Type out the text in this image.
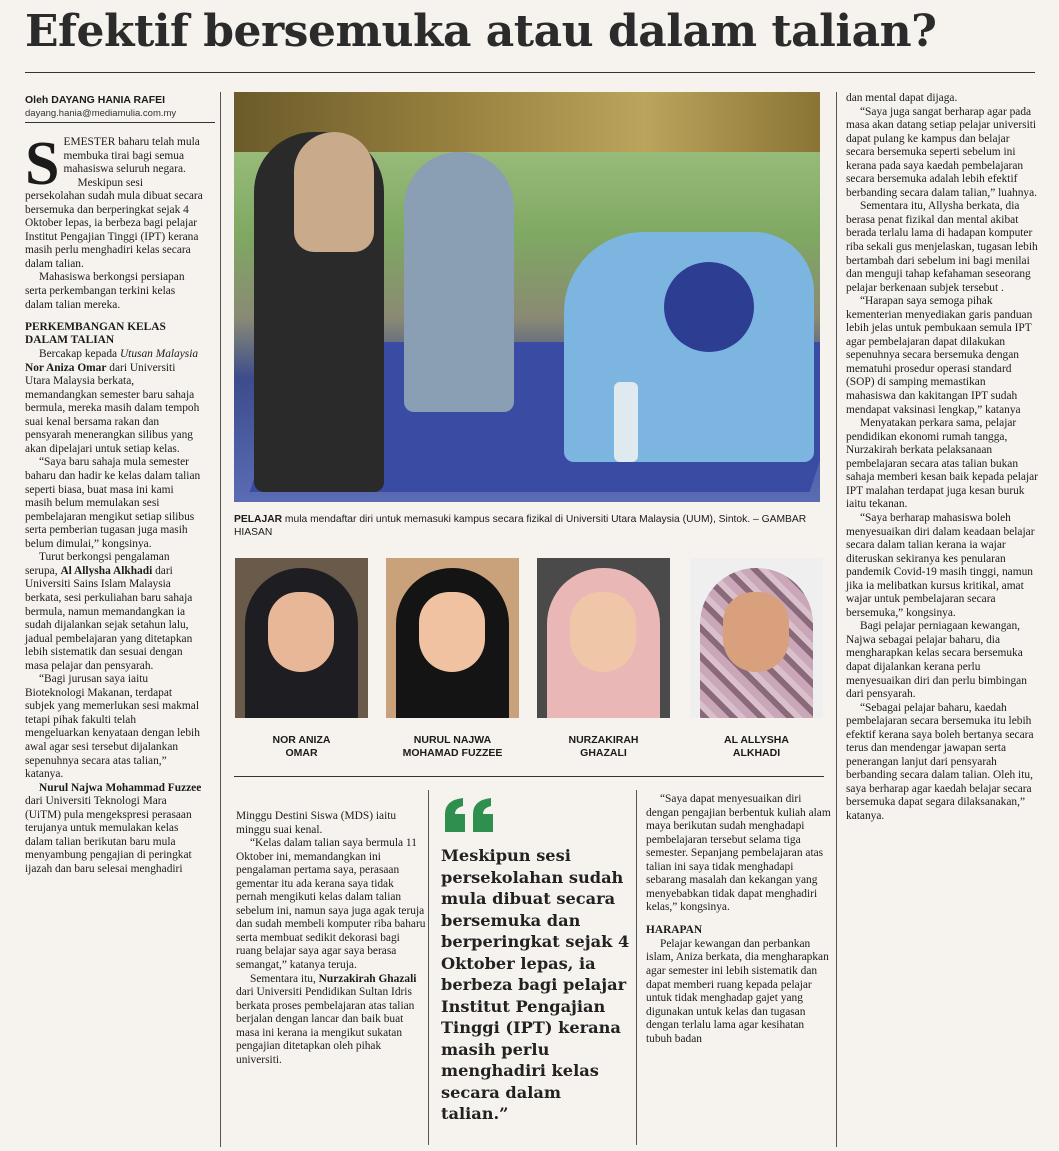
Efektif bersemuka atau dalam talian?
Oleh DAYANG HANIA RAFEI
dayang.hania@mediamulia.com.my
S EMESTER baharu telah mula membuka tirai bagi semua mahasiswa seluruh negara.

Meskipun sesi persekolahan sudah mula dibuat secara bersemuka dan berperingkat sejak 4 Oktober lepas, ia berbeza bagi pelajar Institut Pengajian Tinggi (IPT) kerana masih perlu menghadiri kelas secara dalam talian.

Mahasiswa berkongsi persiapan serta perkembangan terkini kelas dalam talian mereka.

PERKEMBANGAN KELAS DALAM TALIAN

Bercakap kepada Utusan Malaysia Nor Aniza Omar dari Universiti Utara Malaysia berkata, memandangkan semester baru sahaja bermula, mereka masih dalam tempoh suai kenal bersama rakan dan pensyarah menerangkan silibus yang akan dipelajari untuk setiap kelas.

“Saya baru sahaja mula semester baharu dan hadir ke kelas dalam talian seperti biasa, buat masa ini kami masih belum memulakan sesi pembelajaran mengikut setiap silibus serta pemberian tugasan juga masih belum dimulai,” kongsinya.

Turut berkongsi pengalaman serupa, Al Allysha Alkhadi dari Universiti Sains Islam Malaysia berkata, sesi perkuliahan baru sahaja bermula, namun memandangkan ia sudah dijalankan sejak setahun lalu, jadual pembelajaran yang ditetapkan lebih sistematik dan sesuai dengan masa pelajar dan pensyarah.

“Bagi jurusan saya iaitu Bioteknologi Makanan, terdapat subjek yang memerlukan sesi makmal tetapi pihak fakulti telah mengeluarkan kenyataan dengan lebih awal agar sesi tersebut dijalankan sepenuhnya secara atas talian,” katanya.

Nurul Najwa Mohammad Fuzzee dari Universiti Teknologi Mara (UiTM) pula mengekspresi perasaan terujanya untuk memulakan kelas dalam talian berikutan baru mula menyambung pengajian di peringkat ijazah dan baru selesai menghadiri

PELAJAR mula mendaftar diri untuk memasuki kampus secara fizikal di Universiti Utara Malaysia (UUM), Sintok. – GAMBAR HIASAN
NOR ANIZA
OMAR
NURUL NAJWA
MOHAMAD FUZZEE
NURZAKIRAH
GHAZALI
AL ALLYSHA
ALKHADI

Minggu Destini Siswa (MDS) iaitu minggu suai kenal.

“Kelas dalam talian saya bermula 11 Oktober ini, memandangkan ini pengalaman pertama saya, perasaan gementar itu ada kerana saya tidak pernah mengikuti kelas dalam talian sebelum ini, namun saya juga agak teruja dan sudah membeli komputer riba baharu serta membuat sedikit dekorasi bagi ruang belajar saya agar saya berasa semangat,” katanya teruja.

Sementara itu, Nurzakirah Ghazali dari Universiti Pendidikan Sultan Idris berkata proses pembelajaran atas talian berjalan dengan lancar dan baik buat masa ini kerana ia mengikut sukatan pengajian ditetapkan oleh pihak universiti.

Meskipun sesi persekolahan sudah mula dibuat secara bersemuka dan berperingkat sejak 4 Oktober lepas, ia berbeza bagi pelajar Institut Pengajian Tinggi (IPT) kerana masih perlu menghadiri kelas secara dalam talian.”

“Saya dapat menyesuaikan diri dengan pengajian berbentuk kuliah alam maya berikutan sudah menghadapi pembelajaran tersebut selama tiga semester. Sepanjang pembelajaran atas talian ini saya tidak menghadapi sebarang masalah dan kekangan yang menyebabkan tidak dapat menghadiri kelas,” kongsinya.

HARAPAN

Pelajar kewangan dan perbankan islam, Aniza berkata, dia mengharapkan agar semester ini lebih sistematik dan dapat memberi ruang kepada pelajar untuk tidak menghadap gajet yang digunakan untuk kelas dan tugasan dengan terlalu lama agar kesihatan tubuh badan

dan mental dapat dijaga.

“Saya juga sangat berharap agar pada masa akan datang setiap pelajar universiti dapat pulang ke kampus dan belajar secara bersemuka seperti sebelum ini kerana pada saya kaedah pembelajaran secara bersemuka adalah lebih efektif berbanding secara dalam talian,” luahnya.

Sementara itu, Allysha berkata, dia berasa penat fizikal dan mental akibat berada terlalu lama di hadapan komputer riba sekali gus menjelaskan, tugasan lebih bertambah dari sebelum ini bagi menilai dan menguji tahap kefahaman seseorang pelajar berkenaan subjek tersebut .

“Harapan saya semoga pihak kementerian menyediakan garis panduan lebih jelas untuk pembukaan semula IPT agar pembelajaran dapat dilakukan sepenuhnya secara bersemuka dengan mematuhi prosedur operasi standard (SOP) di samping memastikan mahasiswa dan kakitangan IPT sudah mendapat vaksinasi lengkap,” katanya

Menyatakan perkara sama, pelajar pendidikan ekonomi rumah tangga, Nurzakirah berkata pelaksanaan pembelajaran secara atas talian bukan sahaja memberi kesan baik kepada pelajar IPT malahan terdapat juga kesan buruk iaitu tekanan.

“Saya berharap mahasiswa boleh menyesuaikan diri dalam keadaan belajar secara dalam talian kerana ia wajar diteruskan sekiranya kes penularan pandemik Covid-19 masih tinggi, namun jika ia melibatkan kursus kritikal, amat wajar untuk pembelajaran secara bersemuka,” kongsinya.

Bagi pelajar perniagaan kewangan, Najwa sebagai pelajar baharu, dia mengharapkan kelas secara bersemuka dapat dijalankan kerana perlu menyesuaikan diri dan perlu bimbingan dari pensyarah.

“Sebagai pelajar baharu, kaedah pembelajaran secara bersemuka itu lebih efektif kerana saya boleh bertanya secara terus dan mendengar jawapan serta penerangan lanjut dari pensyarah berbanding secara dalam talian. Oleh itu, saya berharap agar kaedah belajar secara bersemuka dapat segara dilaksanakan,” katanya.
